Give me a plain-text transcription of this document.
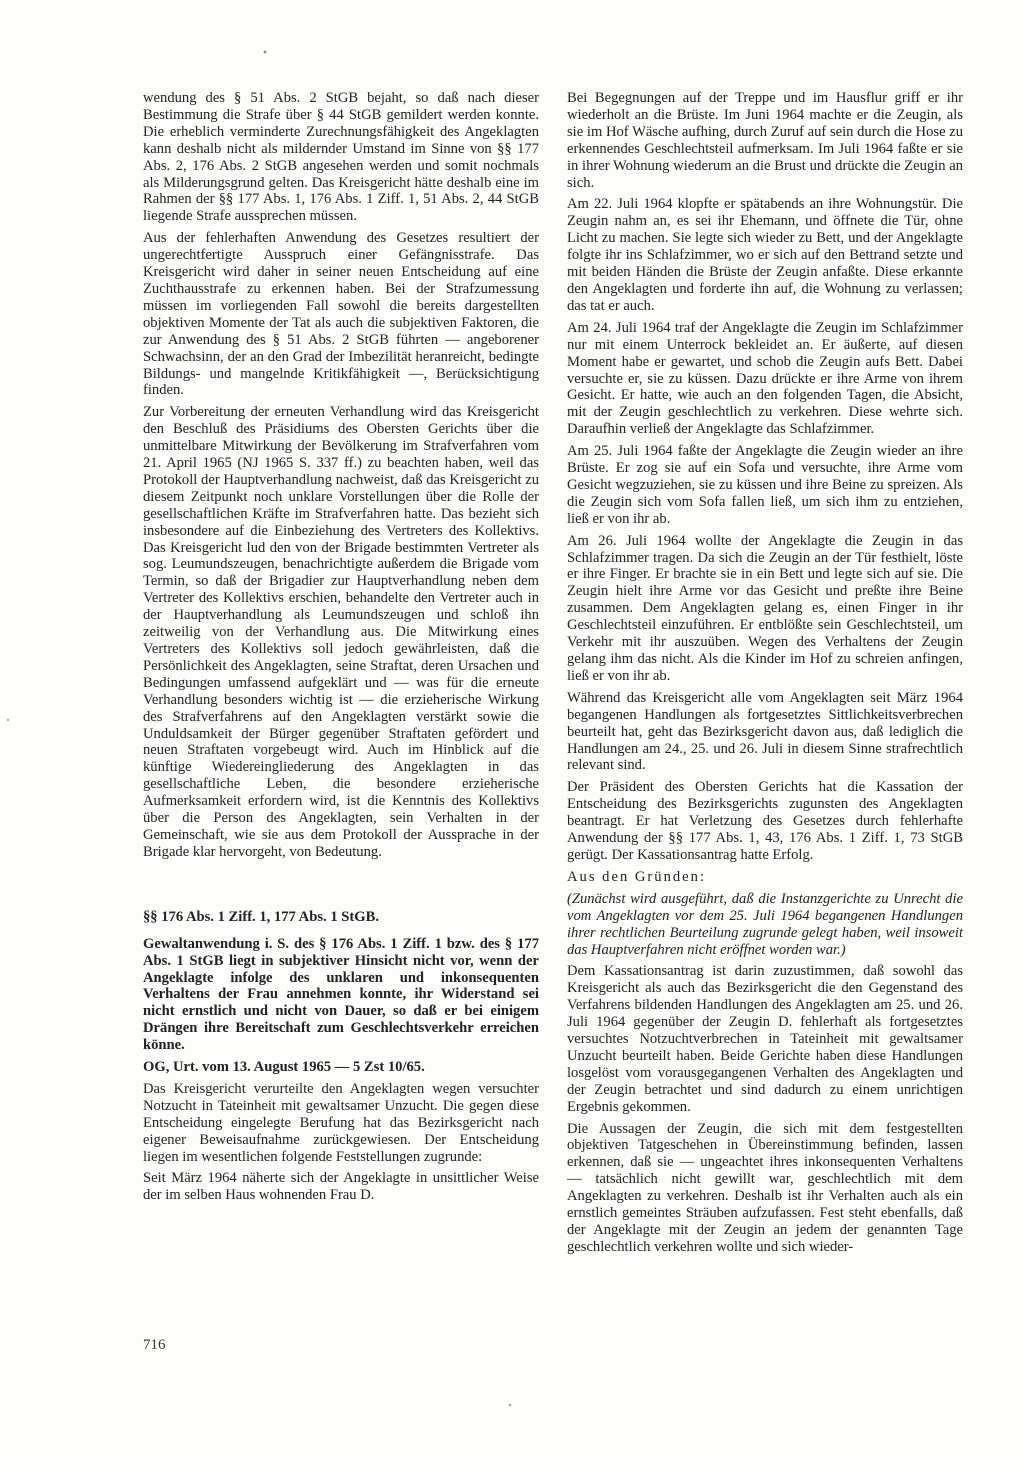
wendung des § 51 Abs. 2 StGB bejaht, so daß nach dieser Bestimmung die Strafe über § 44 StGB gemildert werden konnte. Die erheblich verminderte Zurechnungsfähigkeit des Angeklagten kann deshalb nicht als mildernder Umstand im Sinne von §§ 177 Abs. 2, 176 Abs. 2 StGB angesehen werden und somit nochmals als Milderungsgrund gelten. Das Kreisgericht hätte deshalb eine im Rahmen der §§ 177 Abs. 1, 176 Abs. 1 Ziff. 1, 51 Abs. 2, 44 StGB liegende Strafe aussprechen müssen.

Aus der fehlerhaften Anwendung des Gesetzes resultiert der ungerechtfertigte Ausspruch einer Gefängnisstrafe. Das Kreisgericht wird daher in seiner neuen Entscheidung auf eine Zuchthausstrafe zu erkennen haben. Bei der Strafzumessung müssen im vorliegenden Fall sowohl die bereits dargestellten objektiven Momente der Tat als auch die subjektiven Faktoren, die zur Anwendung des § 51 Abs. 2 StGB führten — angeborener Schwachsinn, der an den Grad der Imbezilität heranreicht, bedingte Bildungs- und mangelnde Kritikfähigkeit —, Berücksichtigung finden.

Zur Vorbereitung der erneuten Verhandlung wird das Kreisgericht den Beschluß des Präsidiums des Obersten Gerichts über die unmittelbare Mitwirkung der Bevölkerung im Strafverfahren vom 21. April 1965 (NJ 1965 S. 337 ff.) zu beachten haben, weil das Protokoll der Hauptverhandlung nachweist, daß das Kreisgericht zu diesem Zeitpunkt noch unklare Vorstellungen über die Rolle der gesellschaftlichen Kräfte im Strafverfahren hatte. Das bezieht sich insbesondere auf die Einbeziehung des Vertreters des Kollektivs. Das Kreisgericht lud den von der Brigade bestimmten Vertreter als sog. Leumundszeugen, benachrichtigte außerdem die Brigade vom Termin, so daß der Brigadier zur Hauptverhandlung neben dem Vertreter des Kollektivs erschien, behandelte den Vertreter auch in der Hauptverhandlung als Leumundszeugen und schloß ihn zeitweilig von der Verhandlung aus. Die Mitwirkung eines Vertreters des Kollektivs soll jedoch gewährleisten, daß die Persönlichkeit des Angeklagten, seine Straftat, deren Ursachen und Bedingungen umfassend aufgeklärt und — was für die erneute Verhandlung besonders wichtig ist — die erzieherische Wirkung des Strafverfahrens auf den Angeklagten verstärkt sowie die Unduldsamkeit der Bürger gegenüber Straftaten gefördert und neuen Straftaten vorgebeugt wird. Auch im Hinblick auf die künftige Wiedereingliederung des Angeklagten in das gesellschaftliche Leben, die besondere erzieherische Aufmerksamkeit erfordern wird, ist die Kenntnis des Kollektivs über die Person des Angeklagten, sein Verhalten in der Gemeinschaft, wie sie aus dem Protokoll der Aussprache in der Brigade klar hervorgeht, von Bedeutung.

§§ 176 Abs. 1 Ziff. 1, 177 Abs. 1 StGB.

Gewaltanwendung i. S. des § 176 Abs. 1 Ziff. 1 bzw. des § 177 Abs. 1 StGB liegt in subjektiver Hinsicht nicht vor, wenn der Angeklagte infolge des unklaren und inkonsequenten Verhaltens der Frau annehmen konnte, ihr Widerstand sei nicht ernstlich und nicht von Dauer, so daß er bei einigem Drängen ihre Bereitschaft zum Geschlechtsverkehr erreichen könne.

OG, Urt. vom 13. August 1965 — 5 Zst 10/65.

Das Kreisgericht verurteilte den Angeklagten wegen versuchter Notzucht in Tateinheit mit gewaltsamer Unzucht. Die gegen diese Entscheidung eingelegte Berufung hat das Bezirksgericht nach eigener Beweisaufnahme zurückgewiesen. Der Entscheidung liegen im wesentlichen folgende Feststellungen zugrunde:

Seit März 1964 näherte sich der Angeklagte in unsittlicher Weise der im selben Haus wohnenden Frau D.

Bei Begegnungen auf der Treppe und im Hausflur griff er ihr wiederholt an die Brüste. Im Juni 1964 machte er die Zeugin, als sie im Hof Wäsche aufhing, durch Zuruf auf sein durch die Hose zu erkennendes Geschlechtsteil aufmerksam. Im Juli 1964 faßte er sie in ihrer Wohnung wiederum an die Brust und drückte die Zeugin an sich.

Am 22. Juli 1964 klopfte er spätabends an ihre Wohnungstür. Die Zeugin nahm an, es sei ihr Ehemann, und öffnete die Tür, ohne Licht zu machen. Sie legte sich wieder zu Bett, und der Angeklagte folgte ihr ins Schlafzimmer, wo er sich auf den Bettrand setzte und mit beiden Händen die Brüste der Zeugin anfaßte. Diese erkannte den Angeklagten und forderte ihn auf, die Wohnung zu verlassen; das tat er auch.

Am 24. Juli 1964 traf der Angeklagte die Zeugin im Schlafzimmer nur mit einem Unterrock bekleidet an. Er äußerte, auf diesen Moment habe er gewartet, und schob die Zeugin aufs Bett. Dabei versuchte er, sie zu küssen. Dazu drückte er ihre Arme von ihrem Gesicht. Er hatte, wie auch an den folgenden Tagen, die Absicht, mit der Zeugin geschlechtlich zu verkehren. Diese wehrte sich. Daraufhin verließ der Angeklagte das Schlafzimmer.

Am 25. Juli 1964 faßte der Angeklagte die Zeugin wieder an ihre Brüste. Er zog sie auf ein Sofa und versuchte, ihre Arme vom Gesicht wegzuziehen, sie zu küssen und ihre Beine zu spreizen. Als die Zeugin sich vom Sofa fallen ließ, um sich ihm zu entziehen, ließ er von ihr ab.

Am 26. Juli 1964 wollte der Angeklagte die Zeugin in das Schlafzimmer tragen. Da sich die Zeugin an der Tür festhielt, löste er ihre Finger. Er brachte sie in ein Bett und legte sich auf sie. Die Zeugin hielt ihre Arme vor das Gesicht und preßte ihre Beine zusammen. Dem Angeklagten gelang es, einen Finger in ihr Geschlechtsteil einzuführen. Er entblößte sein Geschlechtsteil, um Verkehr mit ihr auszuüben. Wegen des Verhaltens der Zeugin gelang ihm das nicht. Als die Kinder im Hof zu schreien anfingen, ließ er von ihr ab.

Während das Kreisgericht alle vom Angeklagten seit März 1964 begangenen Handlungen als fortgesetztes Sittlichkeitsverbrechen beurteilt hat, geht das Bezirksgericht davon aus, daß lediglich die Handlungen am 24., 25. und 26. Juli in diesem Sinne strafrechtlich relevant sind.

Der Präsident des Obersten Gerichts hat die Kassation der Entscheidung des Bezirksgerichts zugunsten des Angeklagten beantragt. Er hat Verletzung des Gesetzes durch fehlerhafte Anwendung der §§ 177 Abs. 1, 43, 176 Abs. 1 Ziff. 1, 73 StGB gerügt. Der Kassationsantrag hatte Erfolg.

Aus den Gründen:

(Zunächst wird ausgeführt, daß die Instanzgerichte zu Unrecht die vom Angeklagten vor dem 25. Juli 1964 begangenen Handlungen ihrer rechtlichen Beurteilung zugrunde gelegt haben, weil insoweit das Hauptverfahren nicht eröffnet worden war.)

Dem Kassationsantrag ist darin zuzustimmen, daß sowohl das Kreisgericht als auch das Bezirksgericht die den Gegenstand des Verfahrens bildenden Handlungen des Angeklagten am 25. und 26. Juli 1964 gegenüber der Zeugin D. fehlerhaft als fortgesetztes versuchtes Notzuchtverbrechen in Tateinheit mit gewaltsamer Unzucht beurteilt haben. Beide Gerichte haben diese Handlungen losgelöst vom vorausgegangenen Verhalten des Angeklagten und der Zeugin betrachtet und sind dadurch zu einem unrichtigen Ergebnis gekommen.

Die Aussagen der Zeugin, die sich mit dem festgestellten objektiven Tatgeschehen in Übereinstimmung befinden, lassen erkennen, daß sie — ungeachtet ihres inkonsequenten Verhaltens — tatsächlich nicht gewillt war, geschlechtlich mit dem Angeklagten zu verkehren. Deshalb ist ihr Verhalten auch als ein ernstlich gemeintes Sträuben aufzufassen. Fest steht ebenfalls, daß der Angeklagte mit der Zeugin an jedem der genannten Tage geschlechtlich verkehren wollte und sich wieder-

716
